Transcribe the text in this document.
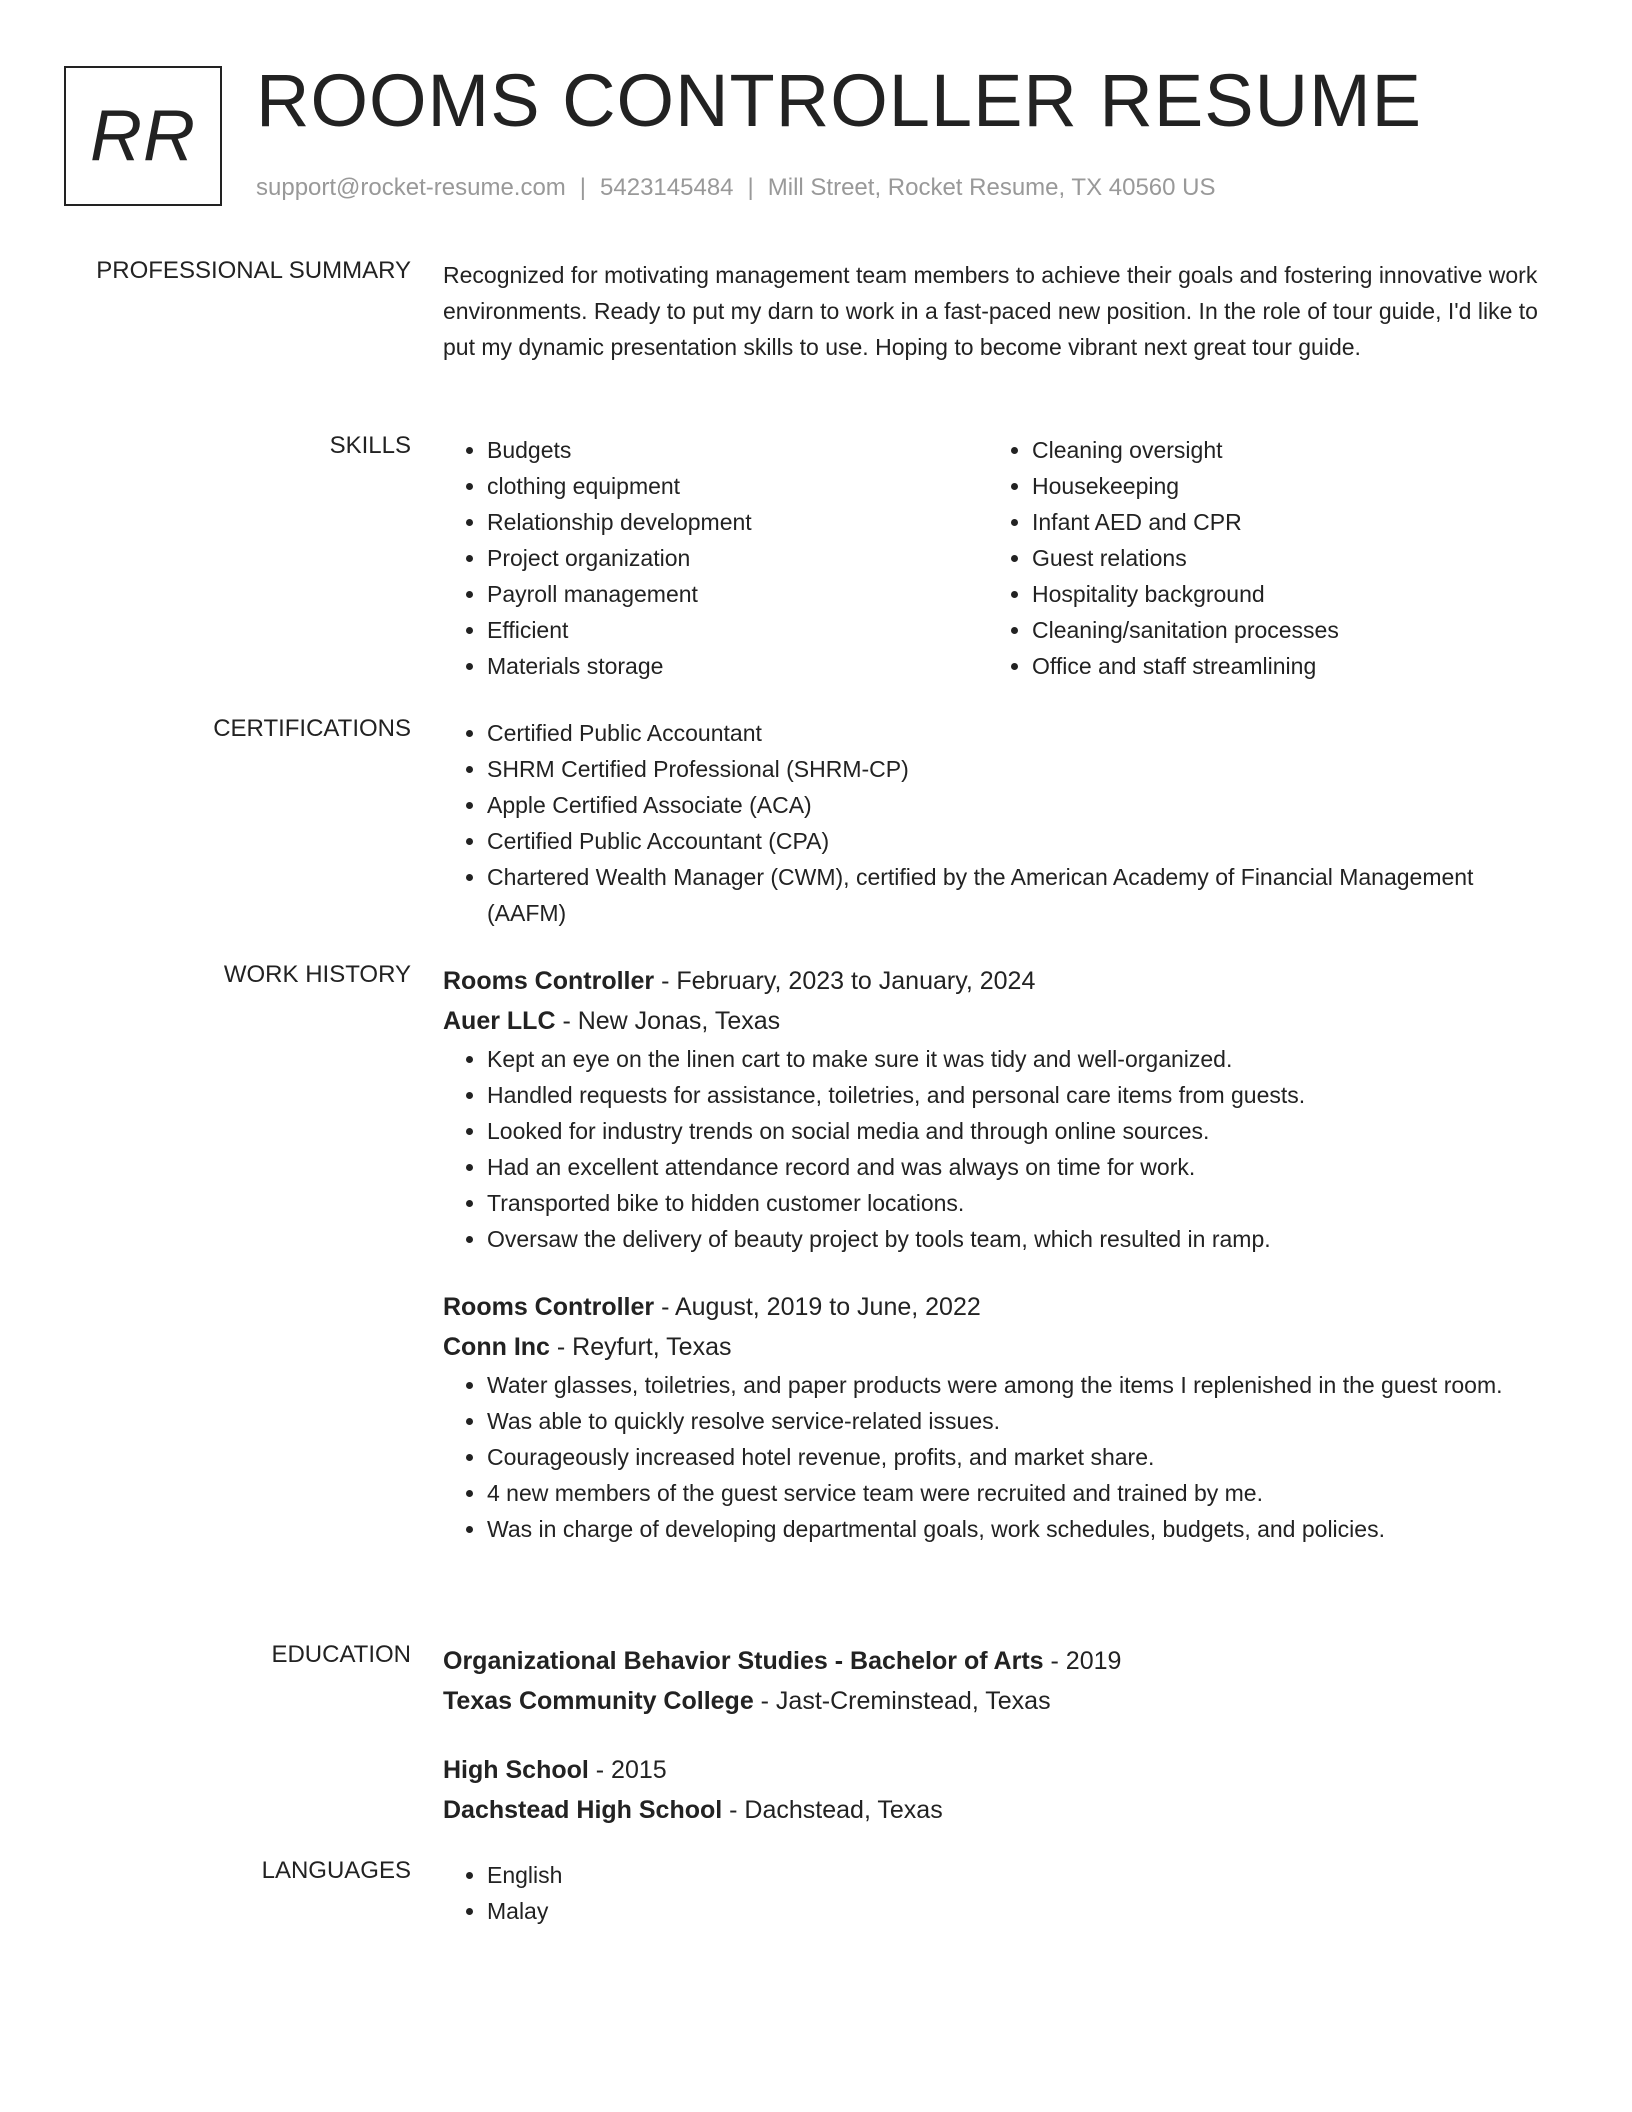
RR ROOMS CONTROLLER RESUME
support@rocket-resume.com | 5423145484 | Mill Street, Rocket Resume, TX 40560 US
PROFESSIONAL SUMMARY Recognized for motivating management team members to achieve their goals and fostering innovative work environments. Ready to put my darn to work in a fast-paced new position. In the role of tour guide, I'd like to put my dynamic presentation skills to use. Hoping to become vibrant next great tour guide.

SKILLS	• Budgets
• clothing equipment
• Relationship development
• Project organization
• Payroll management
• Efficient
• Materials storage
• Cleaning oversight
• Housekeeping
• Infant AED and CPR
• Guest relations
• Hospitality background
• Cleaning/sanitation processes
• Office and staff streamlining
CERTIFICATIONS	• Certified Public Accountant
• SHRM Certified Professional (SHRM-CP)
• Apple Certified Associate (ACA)
• Certified Public Accountant (CPA)
• Chartered Wealth Manager (CWM), certified by the American Academy of Financial Management (AAFM)
WORK HISTORY Rooms Controller - February, 2023 to January, 2024
Auer LLC - New Jonas, Texas
• Kept an eye on the linen cart to make sure it was tidy and well-organized.
• Handled requests for assistance, toiletries, and personal care items from guests.
• Looked for industry trends on social media and through online sources.
• Had an excellent attendance record and was always on time for work.
• Transported bike to hidden customer locations.
• Oversaw the delivery of beauty project by tools team, which resulted in ramp.
Rooms Controller - August, 2019 to June, 2022
Conn Inc - Reyfurt, Texas
• Water glasses, toiletries, and paper products were among the items I replenished in the guest room.
• Was able to quickly resolve service-related issues.
• Courageously increased hotel revenue, profits, and market share.
• 4 new members of the guest service team were recruited and trained by me.
• Was in charge of developing departmental goals, work schedules, budgets, and policies.
EDUCATION Organizational Behavior Studies - Bachelor of Arts - 2019
Texas Community College - Jast-Creminstead, Texas
High School - 2015
Dachstead High School - Dachstead, Texas
LANGUAGES	• English
• Malay
